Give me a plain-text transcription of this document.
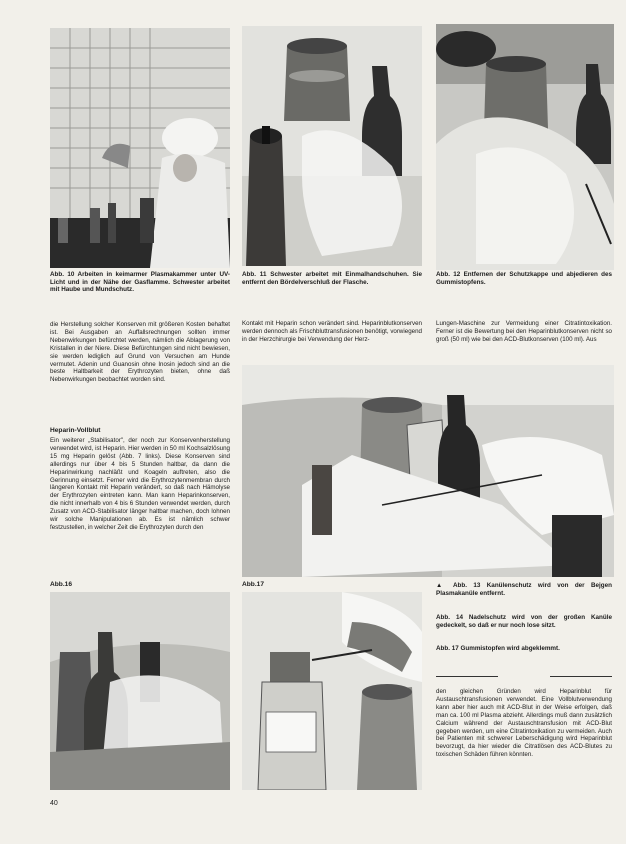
Abb. 10 Arbeiten in keimarmer Plasmakammer unter UV-Licht und in der Nähe der Gasflamme. Schwester arbeitet mit Haube und Mundschutz.
Abb. 11 Schwester arbeitet mit Einmalhandschuhen. Sie entfernt den Bördelverschluß der Flasche.
Abb. 12 Entfernen der Schutzkappe und abjedieren des Gummistopfens.
die Herstellung solcher Konserven mit größeren Kosten behaftet ist. Bei Ausgaben an Auffallsrechnungen sollten immer Nebenwirkungen befürchtet werden, nämlich die Ablagerung von Kristallen in der Niere. Diese Befürchtungen sind nicht bewiesen, sie werden lediglich auf Grund von Versuchen am Hunde vermutet. Adenin und Guanosin ohne Inosin jedoch sind an die beste Haltbarkeit der Erythrozyten bieten, ohne daß Nebenwirkungen beobachtet worden sind.
Heparin-Vollblut
Ein weiterer „Stabilisator", der noch zur Konservenherstellung verwendet wird, ist Heparin. Hier werden in 50 ml Kochsalzlösung 15 mg Heparin gelöst (Abb. 7 links). Diese Konserven sind allerdings nur über 4 bis 5 Stunden haltbar, da dann die Heparinwirkung nachläßt und Koageln auftreten, also die Gerinnung einsetzt. Ferner wird die Erythrozytenmembran durch längeren Kontakt mit Heparin verändert, so daß nach Hämolyse der Erythrozyten eintreten kann. Man kann Heparinkonserven, die nicht innerhalb von 4 bis 6 Stunden verwendet werden, durch Zusatz von ACD-Stabilisator länger haltbar machen, doch lohnen wir solche Manipulationen ab. Es ist nämlich schwer festzustellen, in welcher Zeit die Erythrozyten durch den
Kontakt mit Heparin schon verändert sind. Heparinblutkonserven werden dennoch als Frischbluttransfusionen benötigt, vorwiegend in der Herzchirurgie bei Verwendung der Herz-
Lungen-Maschine zur Vermeidung einer Citratintoxikation. Ferner ist die Bewertung bei den Heparinblutkonserven nicht so groß (50 ml) wie bei den ACD-Blutkonserven (100 ml). Aus
Abb.16	Abb.17	▲ Abb. 13 Kanülenschutz wird von der Bejgen Plasmakanüle entfernt.
Abb. 14 Nadelschutz wird von der großen Kanüle gedeckelt, so daß er nur noch lose sitzt.
Abb. 17 Gummistopfen wird abgeklemmt.
den gleichen Gründen wird Heparinblut für Austauschtransfusionen verwendet. Eine Vollblutverwendung kann aber hier auch mit ACD-Blut in der Weise erfolgen, daß man ca. 100 ml Plasma abzieht. Allerdings muß dann zusätzlich Calcium während der Austauschtransfusion mit ACD-Blut gegeben werden, um eine Citratintoxikation zu vermeiden. Auch bei Patienten mit schwerer Leberschädigung wird Heparinblut bevorzugt, da hier wieder die Citratlösen des ACD-Blutes zu toxischen Schäden führen könnten.
40
